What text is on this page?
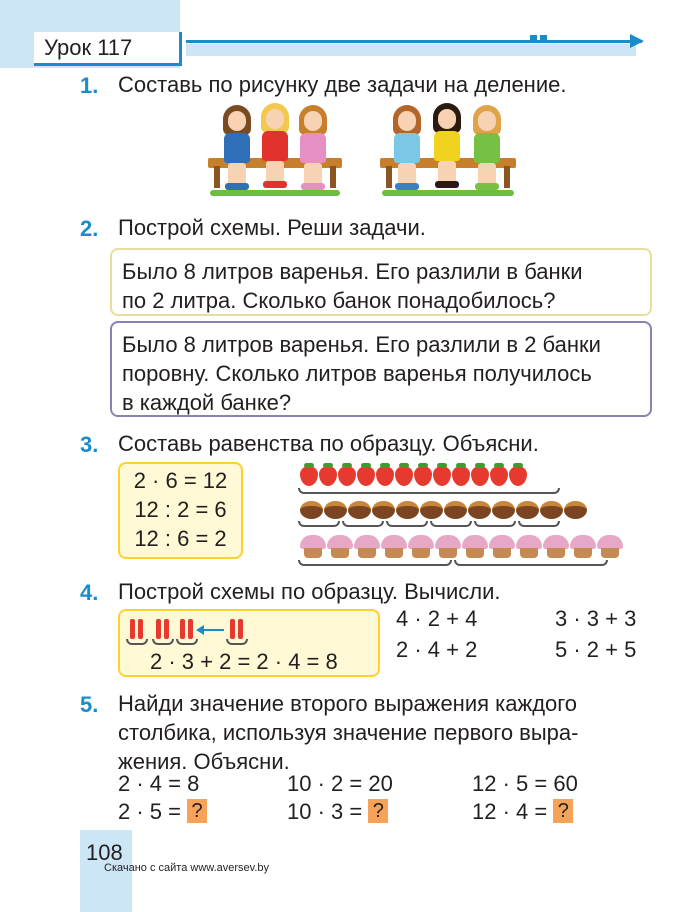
Урок 117
1. Составь по рисунку две задачи на деление.
2. Построй схемы. Реши задачи.
Было 8 литров варенья. Его разлили в банки
по 2 литра. Сколько банок понадобилось?
Было 8 литров варенья. Его разлили в 2 банки
поровну. Сколько литров варенья получилось
в каждой банке?
3. Составь равенства по образцу. Объясни.
2 · 6 = 12
12 : 2 = 6
12 : 6 = 2
4. Построй схемы по образцу. Вычисли.
2 · 3 + 2 = 2 · 4 = 8
4 · 2 + 4	3 · 3 + 3
2 · 4 + 2	5 · 2 + 5
5. Найди значение второго выражения каждого
столбика, используя значение первого выра-
жения. Объясни.
2 · 4 = 8
2 · 5 = ?
10 · 2 = 20
10 · 3 = ?
12 · 5 = 60
12 · 4 = ?
108
Скачано с сайта www.aversev.by
